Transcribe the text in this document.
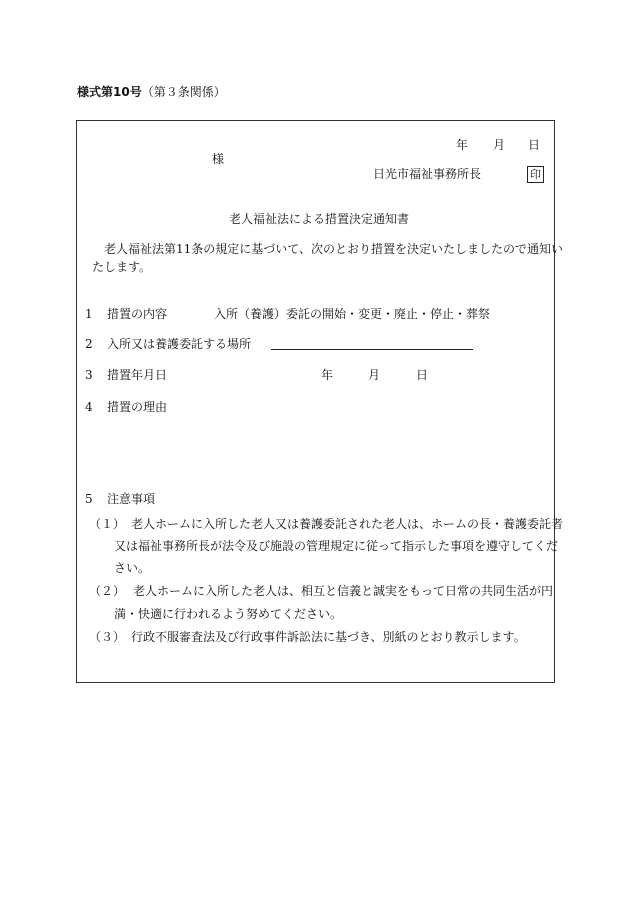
様式第10号（第３条関係）
年 月 日
様
日光市福祉事務所長	印
老人福祉法による措置決定通知書
老人福祉法第11条の規定に基づいて、次のとおり措置を決定いたしましたので通知い
たします。
1 措置の内容	入所（養護）委託の開始・変更・廃止・停止・葬祭
2 入所又は養護委託する場所
3 措置年月日	年	月	日
4 措置の理由
5 注意事項
（１） 老人ホームに入所した老人又は養護委託された老人は、ホームの長・養護委託者
又は福祉事務所長が法令及び施設の管理規定に従って指示した事項を遵守してくだ
さい。
（２） 老人ホームに入所した老人は、相互と信義と誠実をもって日常の共同生活が円
満・快適に行われるよう努めてください。
（３） 行政不服審査法及び行政事件訴訟法に基づき、別紙のとおり教示します。
